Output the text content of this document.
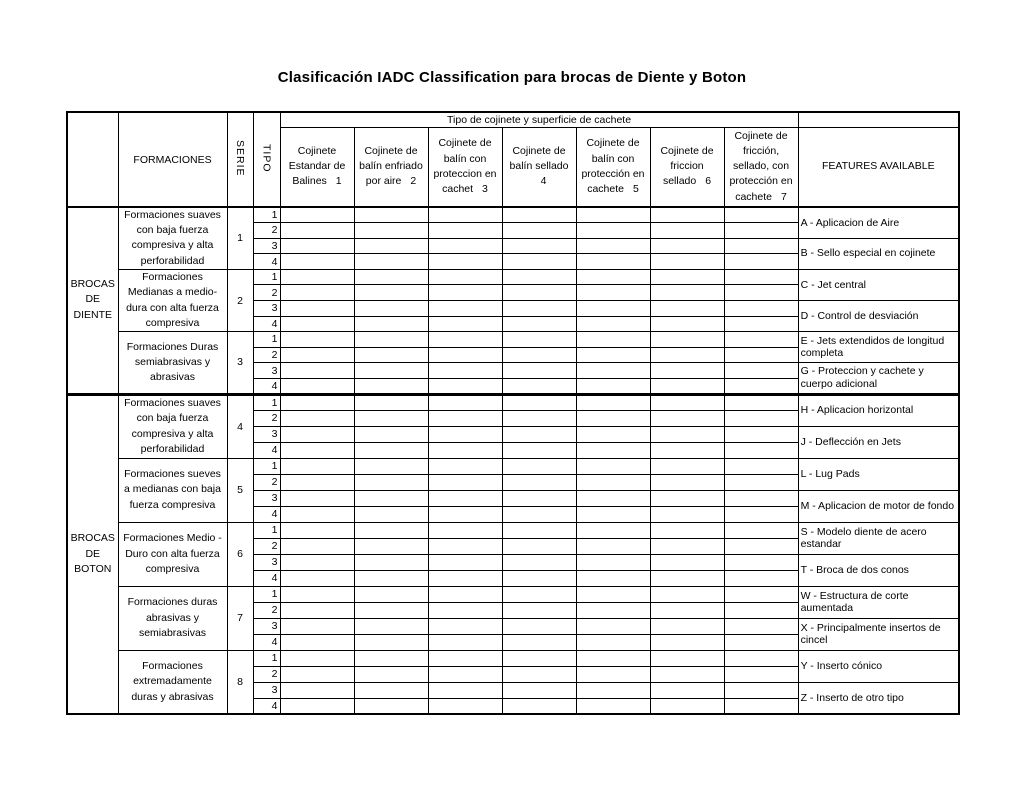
Clasificación IADC Classification para brocas de Diente y Boton
	FORMACIONES	SERIE	TIPO	Tipo de cojinete y superficie de cachete							
				Cojinete Estandar de Balines 1	Cojinete de balín enfriado por aire 2	Cojinete de balín con proteccion en cachet 3	Cojinete de balín sellado4	Cojinete de balín con protección en cachete 5	Cojinete de friccion sellado 6	Cojinete de fricción, sellado, con protección en cachete 7	FEATURES AVAILABLE
BROCAS DE DIENTE	Formaciones suaves con baja fuerza compresiva y alta perforabilidad	1	1								A - Aplicacion de Aire
			2								
			3								B - Sello especial en cojinete
			4								
	Formaciones Medianas a medio-dura con alta fuerza compresiva	2	1								C - Jet central
			2								
			3								D - Control de desviación
			4								
	Formaciones Duras semiabrasivas y abrasivas	3	1								E - Jets extendidos de longitud completa
			2								
			3								G - Proteccion y cachete y cuerpo adicional
			4								
BROCAS DE BOTON	Formaciones suaves con baja fuerza compresiva y alta perforabilidad	4	1								H - Aplicacion horizontal
			2								
			3								J - Deflección en Jets
			4								
	Formaciones sueves a medianas con baja fuerza compresiva	5	1								L - Lug Pads
			2								
			3								M - Aplicacion de motor de fondo
			4								
	Formaciones Medio - Duro con alta fuerza compresiva	6	1								S - Modelo diente de acero estandar
			2								
			3								T - Broca de dos conos
			4								
	Formaciones duras abrasivas y semiabrasivas	7	1								W - Estructura de corte aumentada
			2								
			3								X - Principalmente insertos de cincel
			4								
	Formaciones extremadamente duras y abrasivas	8	1								Y - Inserto cónico
			2								
			3								Z - Inserto de otro tipo
			4								
